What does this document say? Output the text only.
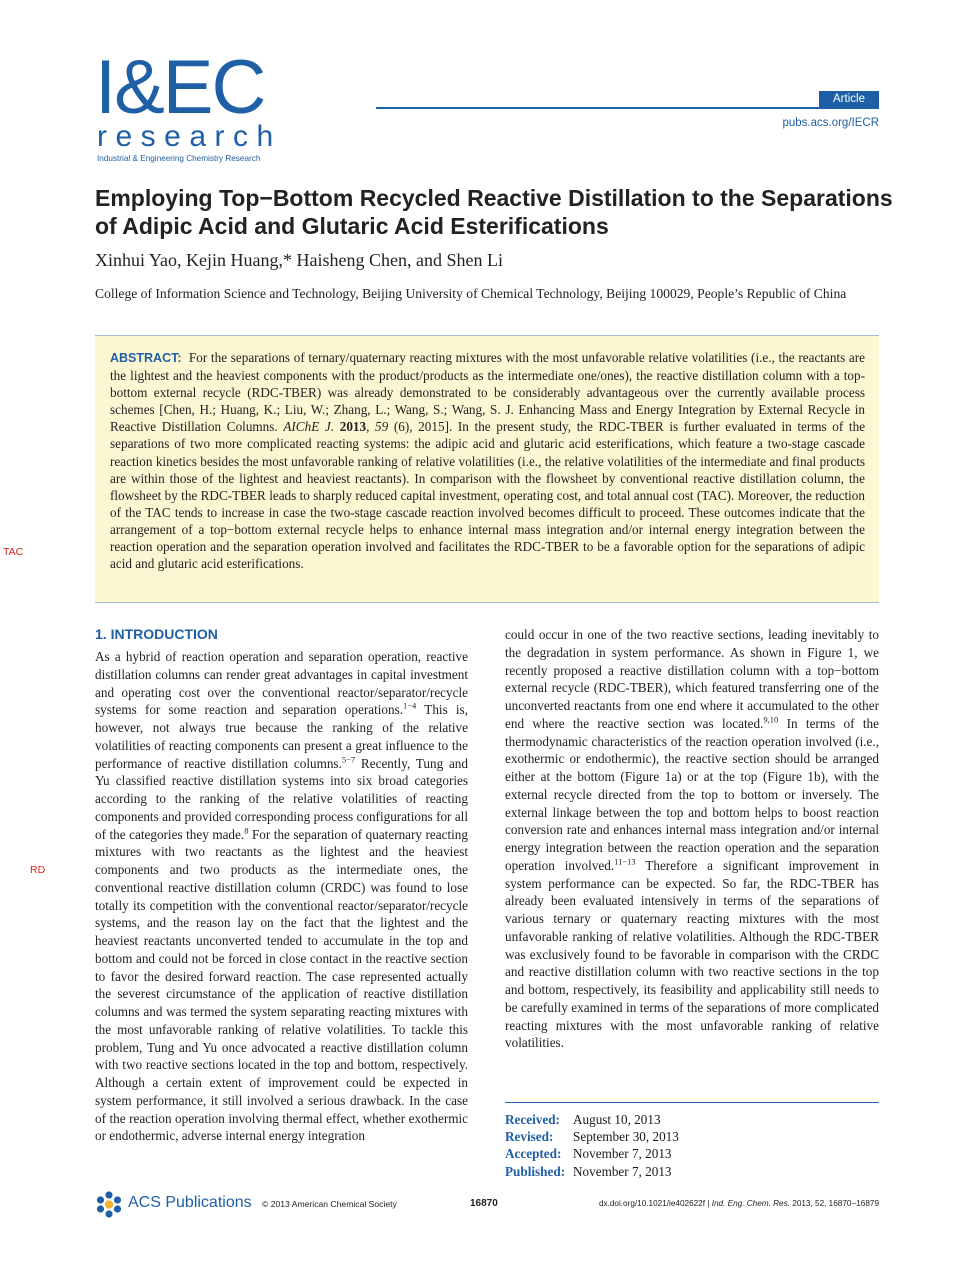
I&EC
research
Industrial & Engineering Chemistry Research
Article
pubs.acs.org/IECR
Employing Top−Bottom Recycled Reactive Distillation to the Separations of Adipic Acid and Glutaric Acid Esterifications
Xinhui Yao, Kejin Huang,* Haisheng Chen, and Shen Li
College of Information Science and Technology, Beijing University of Chemical Technology, Beijing 100029, People’s Republic of China
ABSTRACT: For the separations of ternary/quaternary reacting mixtures with the most unfavorable relative volatilities (i.e., the reactants are the lightest and the heaviest components with the product/products as the intermediate one/ones), the reactive distillation column with a top-bottom external recycle (RDC-TBER) was already demonstrated to be considerably advantageous over the currently available process schemes [Chen, H.; Huang, K.; Liu, W.; Zhang, L.; Wang, S.; Wang, S. J. Enhancing Mass and Energy Integration by External Recycle in Reactive Distillation Columns. AIChE J. 2013, 59 (6), 2015]. In the present study, the RDC-TBER is further evaluated in terms of the separations of two more complicated reacting systems: the adipic acid and glutaric acid esterifications, which feature a two-stage cascade reaction kinetics besides the most unfavorable ranking of relative volatilities (i.e., the relative volatilities of the intermediate and final products are within those of the lightest and heaviest reactants). In comparison with the flowsheet by conventional reactive distillation column, the flowsheet by the RDC-TBER leads to sharply reduced capital investment, operating cost, and total annual cost (TAC). Moreover, the reduction of the TAC tends to increase in case the two-stage cascade reaction involved becomes difficult to proceed. These outcomes indicate that the arrangement of a top−bottom external recycle helps to enhance internal mass integration and/or internal energy integration between the reaction operation and the separation operation involved and facilitates the RDC-TBER to be a favorable option for the separations of adipic acid and glutaric acid esterifications.
TAC
RD
1. INTRODUCTION
As a hybrid of reaction operation and separation operation, reactive distillation columns can render great advantages in capital investment and operating cost over the conventional reactor/separator/recycle systems for some reaction and separation operations.$^{1-4}$ This is, however, not always true because the ranking of the relative volatilities of reacting components can present a great influence to the performance of reactive distillation columns.$^{5-7}$ Recently, Tung and Yu classified reactive distillation systems into six broad categories according to the ranking of the relative volatilities of reacting components and provided corresponding process configurations for all of the categories they made.$^8$ For the separation of quaternary reacting mixtures with two reactants as the lightest and the heaviest components and two products as the intermediate ones, the conventional reactive distillation column (CRDC) was found to lose totally its competition with the conventional reactor/separator/recycle systems, and the reason lay on the fact that the lightest and the heaviest reactants unconverted tended to accumulate in the top and bottom and could not be forced in close contact in the reactive section to favor the desired forward reaction. The case represented actually the severest circumstance of the application of reactive distillation columns and was termed the system separating reacting mixtures with the most unfavorable ranking of relative volatilities. To tackle this problem, Tung and Yu once advocated a reactive distillation column with two reactive sections located in the top and bottom, respectively. Although a certain extent of improvement could be expected in system performance, it still involved a serious drawback. In the case of the reaction operation involving thermal effect, whether exothermic or endothermic, adverse internal energy integration
could occur in one of the two reactive sections, leading inevitably to the degradation in system performance. As shown in Figure 1, we recently proposed a reactive distillation column with a top−bottom external recycle (RDC-TBER), which featured transferring one of the unconverted reactants from one end where it accumulated to the other end where the reactive section was located.$^{9,10}$ In terms of the thermodynamic characteristics of the reaction operation involved (i.e., exothermic or endothermic), the reactive section should be arranged either at the bottom (Figure 1a) or at the top (Figure 1b), with the external recycle directed from the top to bottom or inversely. The external linkage between the top and bottom helps to boost reaction conversion rate and enhances internal mass integration and/or internal energy integration between the reaction operation and the separation operation involved.$^{11-13}$ Therefore a significant improvement in system performance can be expected. So far, the RDC-TBER has already been evaluated intensively in terms of the separations of various ternary or quaternary reacting mixtures with the most unfavorable ranking of relative volatilities. Although the RDC-TBER was exclusively found to be favorable in comparison with the CRDC and reactive distillation column with two reactive sections in the top and bottom, respectively, its feasibility and applicability still needs to be carefully examined in terms of the separations of more complicated reacting mixtures with the most unfavorable ranking of relative volatilities.
Received: August 10, 2013
Revised: September 30, 2013
Accepted: November 7, 2013
Published: November 7, 2013
ACS Publications © 2013 American Chemical Society	16870	dx.doi.org/10.1021/ie402622f | Ind. Eng. Chem. Res. 2013, 52, 16870−16879
